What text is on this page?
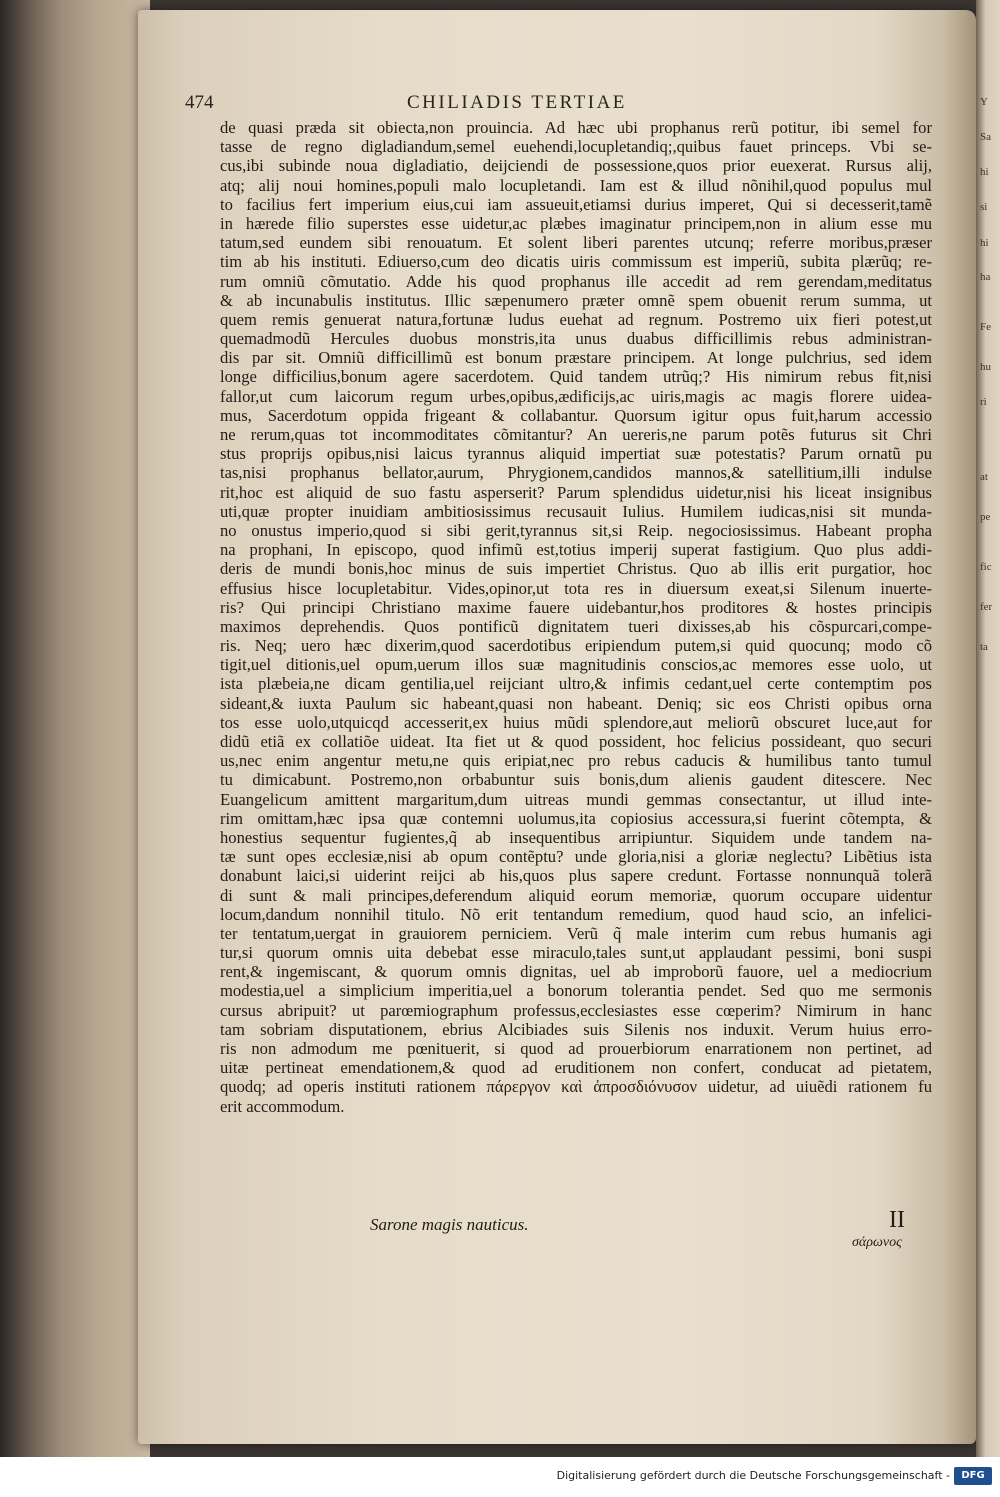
Y
Sa
hi
si
hi
ha
Fe
hu
ri
at
pe
fic
fer
ta
474	CHILIADIS TERTIAE
de quasi præda sit obiecta,non prouincia. Ad hæc ubi prophanus rerũ potitur, ibi semel for
tasse de regno digladiandum,semel euehendi,locupletandiq;,quibus fauet princeps. Vbi se-
cus,ibi subinde noua digladiatio, deijciendi de possessione,quos prior euexerat. Rursus alij,
atq; alij noui homines,populi malo locupletandi. Iam est & illud nõnihil,quod populus mul
to facilius fert imperium eius,cui iam assueuit,etiamsi durius imperet, Qui si decesserit,tamẽ
in hærede filio superstes esse uidetur,ac plæbes imaginatur principem,non in alium esse mu
tatum,sed eundem sibi renouatum. Et solent liberi parentes utcunq; referre moribus,præser
tim ab his instituti. Ediuerso,cum deo dicatis uiris commissum est imperiũ, subita plærũq; re-
rum omniũ cõmutatio. Adde his quod prophanus ille accedit ad rem gerendam,meditatus
& ab incunabulis institutus. Illic sæpenumero præter omnẽ spem obuenit rerum summa, ut
quem remis genuerat natura,fortunæ ludus euehat ad regnum. Postremo uix fieri potest,ut
quemadmodũ Hercules duobus monstris,ita unus duabus difficillimis rebus administran-
dis par sit. Omniũ difficillimũ est bonum præstare principem. At longe pulchrius, sed idem
longe difficilius,bonum agere sacerdotem. Quid tandem utrũq;? His nimirum rebus fit,nisi
fallor,ut cum laicorum regum urbes,opibus,ædificijs,ac uiris,magis ac magis florere uidea-
mus, Sacerdotum oppida frigeant & collabantur. Quorsum igitur opus fuit,harum accessio
ne rerum,quas tot incommoditates cõmitantur? An uereris,ne parum potẽs futurus sit Chri
stus proprijs opibus,nisi laicus tyrannus aliquid impertiat suæ potestatis? Parum ornatũ pu
tas,nisi prophanus bellator,aurum, Phrygionem,candidos mannos,& satellitium,illi indulse
rit,hoc est aliquid de suo fastu asperserit? Parum splendidus uidetur,nisi his liceat insignibus
uti,quæ propter inuidiam ambitiosissimus recusauit Iulius. Humilem iudicas,nisi sit munda-
no onustus imperio,quod si sibi gerit,tyrannus sit,si Reip. negociosissimus. Habeant propha
na prophani, In episcopo, quod infimũ est,totius imperij superat fastigium. Quo plus addi-
deris de mundi bonis,hoc minus de suis impertiet Christus. Quo ab illis erit purgatior, hoc
effusius hisce locupletabitur. Vides,opinor,ut tota res in diuersum exeat,si Silenum inuerte-
ris? Qui principi Christiano maxime fauere uidebantur,hos proditores & hostes principis
maximos deprehendis. Quos pontificũ dignitatem tueri dixisses,ab his cõspurcari,compe-
ris. Neq; uero hæc dixerim,quod sacerdotibus eripiendum putem,si quid quocunq; modo cõ
tigit,uel ditionis,uel opum,uerum illos suæ magnitudinis conscios,ac memores esse uolo, ut
ista plæbeia,ne dicam gentilia,uel reijciant ultro,& infimis cedant,uel certe contemptim pos
sideant,& iuxta Paulum sic habeant,quasi non habeant. Deniq; sic eos Christi opibus orna
tos esse uolo,utquicqd accesserit,ex huius mũdi splendore,aut meliorũ obscuret luce,aut for
didũ etiã ex collatiõe uideat. Ita fiet ut & quod possident, hoc felicius possideant, quo securi
us,nec enim angentur metu,ne quis eripiat,nec pro rebus caducis & humilibus tanto tumul
tu dimicabunt. Postremo,non orbabuntur suis bonis,dum alienis gaudent ditescere. Nec
Euangelicum amittent margaritum,dum uitreas mundi gemmas consectantur, ut illud inte-
rim omittam,hæc ipsa quæ contemni uolumus,ita copiosius accessura,si fuerint cõtempta, &
honestius sequentur fugientes,q̃ ab insequentibus arripiuntur. Siquidem unde tandem na-
tæ sunt opes ecclesiæ,nisi ab opum contẽptu? unde gloria,nisi a gloriæ neglectu? Libẽtius ista
donabunt laici,si uiderint reijci ab his,quos plus sapere credunt. Fortasse nonnunquã tolerã
di sunt & mali principes,deferendum aliquid eorum memoriæ, quorum occupare uidentur
locum,dandum nonnihil titulo. Nõ erit tentandum remedium, quod haud scio, an infelici-
ter tentatum,uergat in grauiorem perniciem. Verũ q̃ male interim cum rebus humanis agi
tur,si quorum omnis uita debebat esse miraculo,tales sunt,ut applaudant pessimi, boni suspi
rent,& ingemiscant, & quorum omnis dignitas, uel ab improborũ fauore, uel a mediocrium
modestia,uel a simplicium imperitia,uel a bonorum tolerantia pendet. Sed quo me sermonis
cursus abripuit? ut parœmiographum professus,ecclesiastes esse cœperim? Nimirum in hanc
tam sobriam disputationem, ebrius Alcibiades suis Silenis nos induxit. Verum huius erro-
ris non admodum me pœnituerit, si quod ad prouerbiorum enarrationem non pertinet, ad
uitæ pertineat emendationem,& quod ad eruditionem non confert, conducat ad pietatem,
quodq; ad operis instituti rationem πάρεργον καὶ ἀπροσδιόνυσον uidetur, ad uiuẽdi rationem fu
erit accommodum.
Sarone magis nauticus.	II
σάρωνος
Digitalisierung gefördert durch die Deutsche Forschungsgemeinschaft -	DFG
